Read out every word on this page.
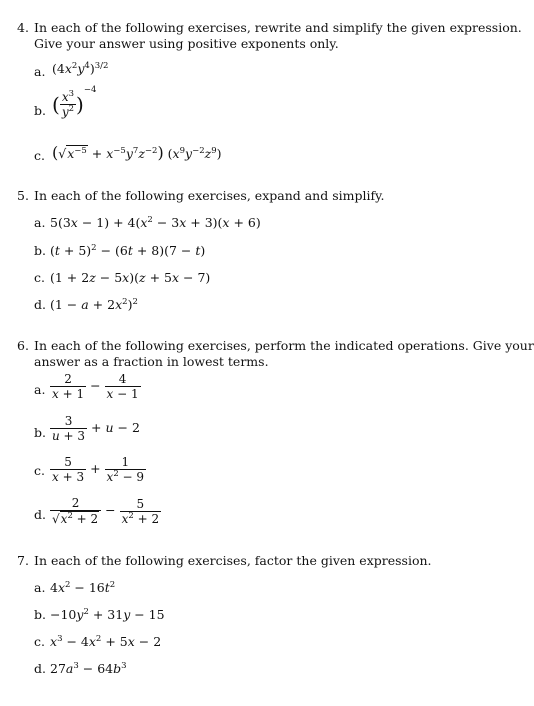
4. In each of the following exercises, rewrite and simplify the given expression.
Give your answer using positive exponents only.
a. $(4x^2y^4)^{3/2}$
b. ( $\frac{x^3}{y^2} )^{-4}$
c. $(√x^{-5} + x^{-5}y^7z^{-2})$ $(x^9y^{-2}z^9)$
5. In each of the following exercises, expand and simplify.
a. $5(3x - 1) + 4(x^2 - 3x + 3)(x + 6)$
b. $(t + 5)^2 - (6t + 8)(7 - t)$
c. (1 + 2z − 5x)(z + 5x − 7)
d. $(1 - a + 2x^2)^2$
6. In each of the following exercises, perform the indicated operations. Give your
answer as a fraction in lowest terms.
a. $\frac{2}{x + 1} - \frac{4}{x - 1}$
b. $\frac{3}{u + 3} + u - 2$
c. $\frac{5}{x + 3} + \frac{1}{x^2 - 9}$
d. $\frac{2}{√x^2 + 2} - \frac{5}{x^2 + 2}$
7. In each of the following exercises, factor the given expression.
a. $4x^2 - 16t^2$
b. $-10y^2 + 31y - 15$
c. $x^3 - 4x^2 + 5x - 2$
d. $27a^3 - 64b^3$
